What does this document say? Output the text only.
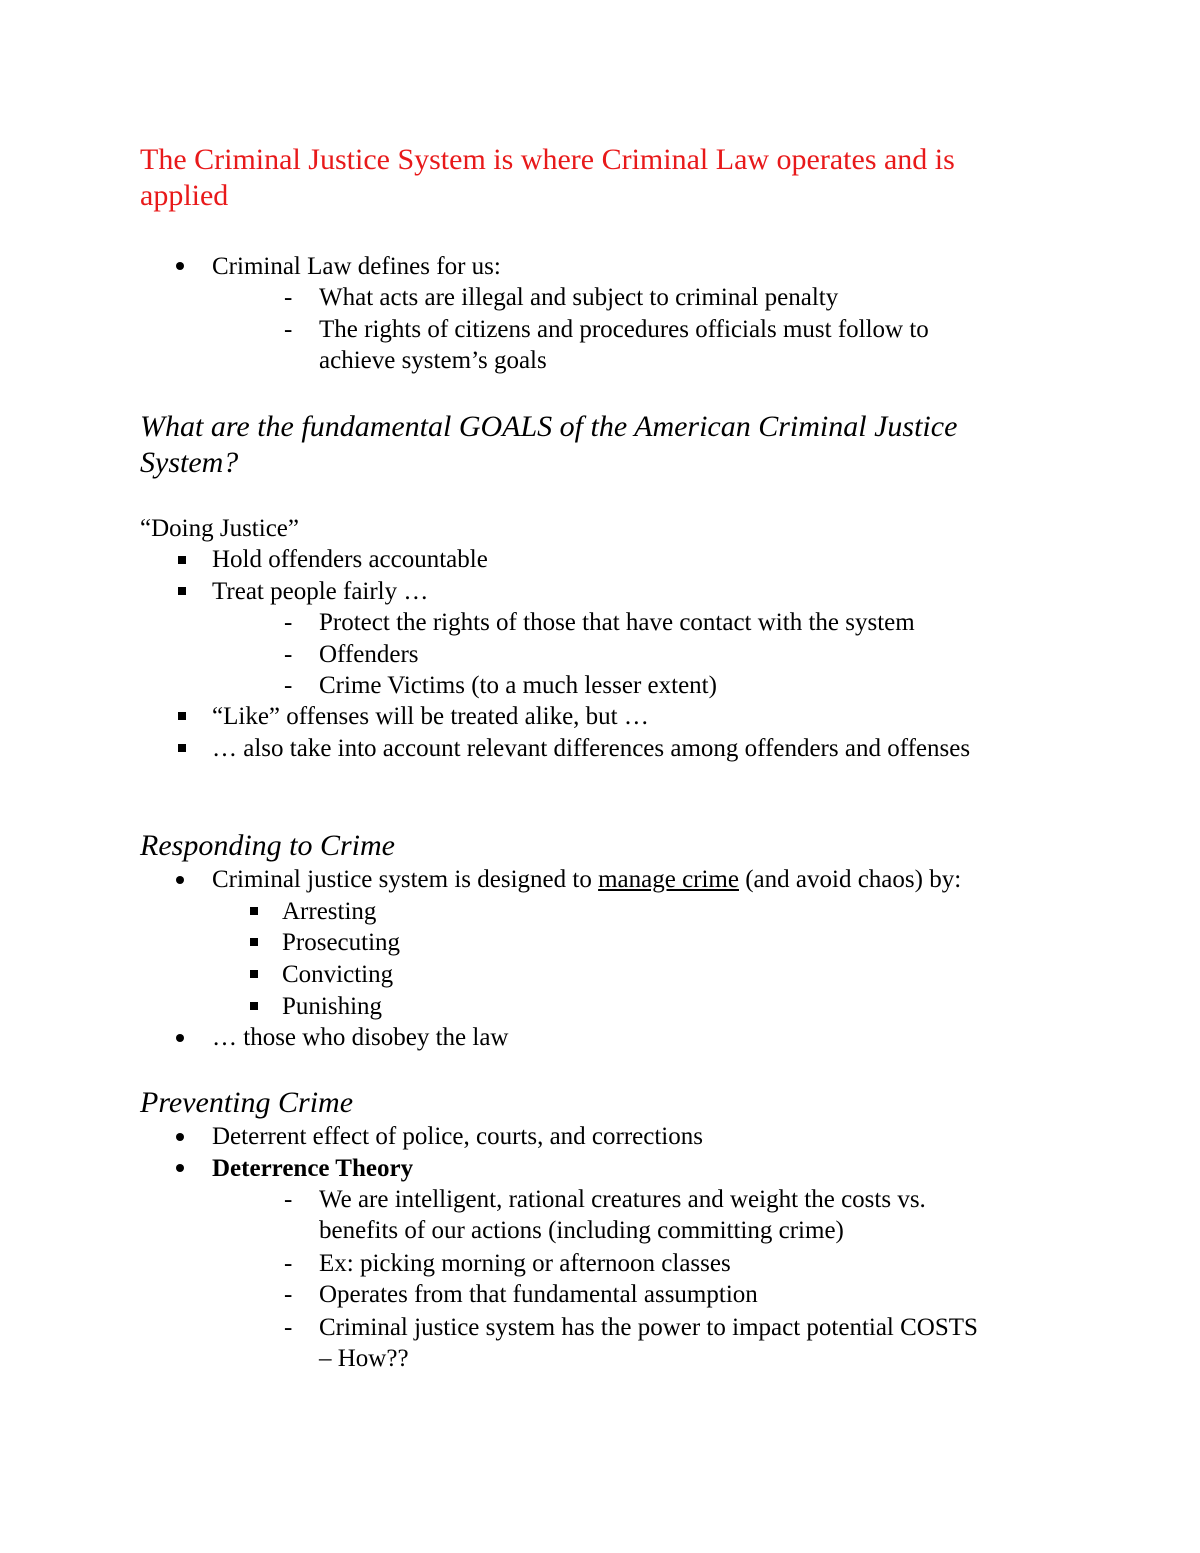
The Criminal Justice System is where Criminal Law operates and is applied
Criminal Law defines for us:
- What acts are illegal and subject to criminal penalty
- The rights of citizens and procedures officials must follow to
achieve system’s goals
What are the fundamental GOALS of the American Criminal Justice System?
“Doing Justice”
Hold offenders accountable
Treat people fairly …
- Protect the rights of those that have contact with the system
- Offenders
- Crime Victims (to a much lesser extent)
“Like” offenses will be treated alike, but …
… also take into account relevant differences among offenders and offenses
Responding to Crime
Criminal justice system is designed to manage crime (and avoid chaos) by:
Arresting
Prosecuting
Convicting
Punishing
… those who disobey the law
Preventing Crime
Deterrent effect of police, courts, and corrections
Deterrence Theory
- We are intelligent, rational creatures and weight the costs vs.
benefits of our actions (including committing crime)
- Ex: picking morning or afternoon classes
- Operates from that fundamental assumption
- Criminal justice system has the power to impact potential COSTS
– How??
